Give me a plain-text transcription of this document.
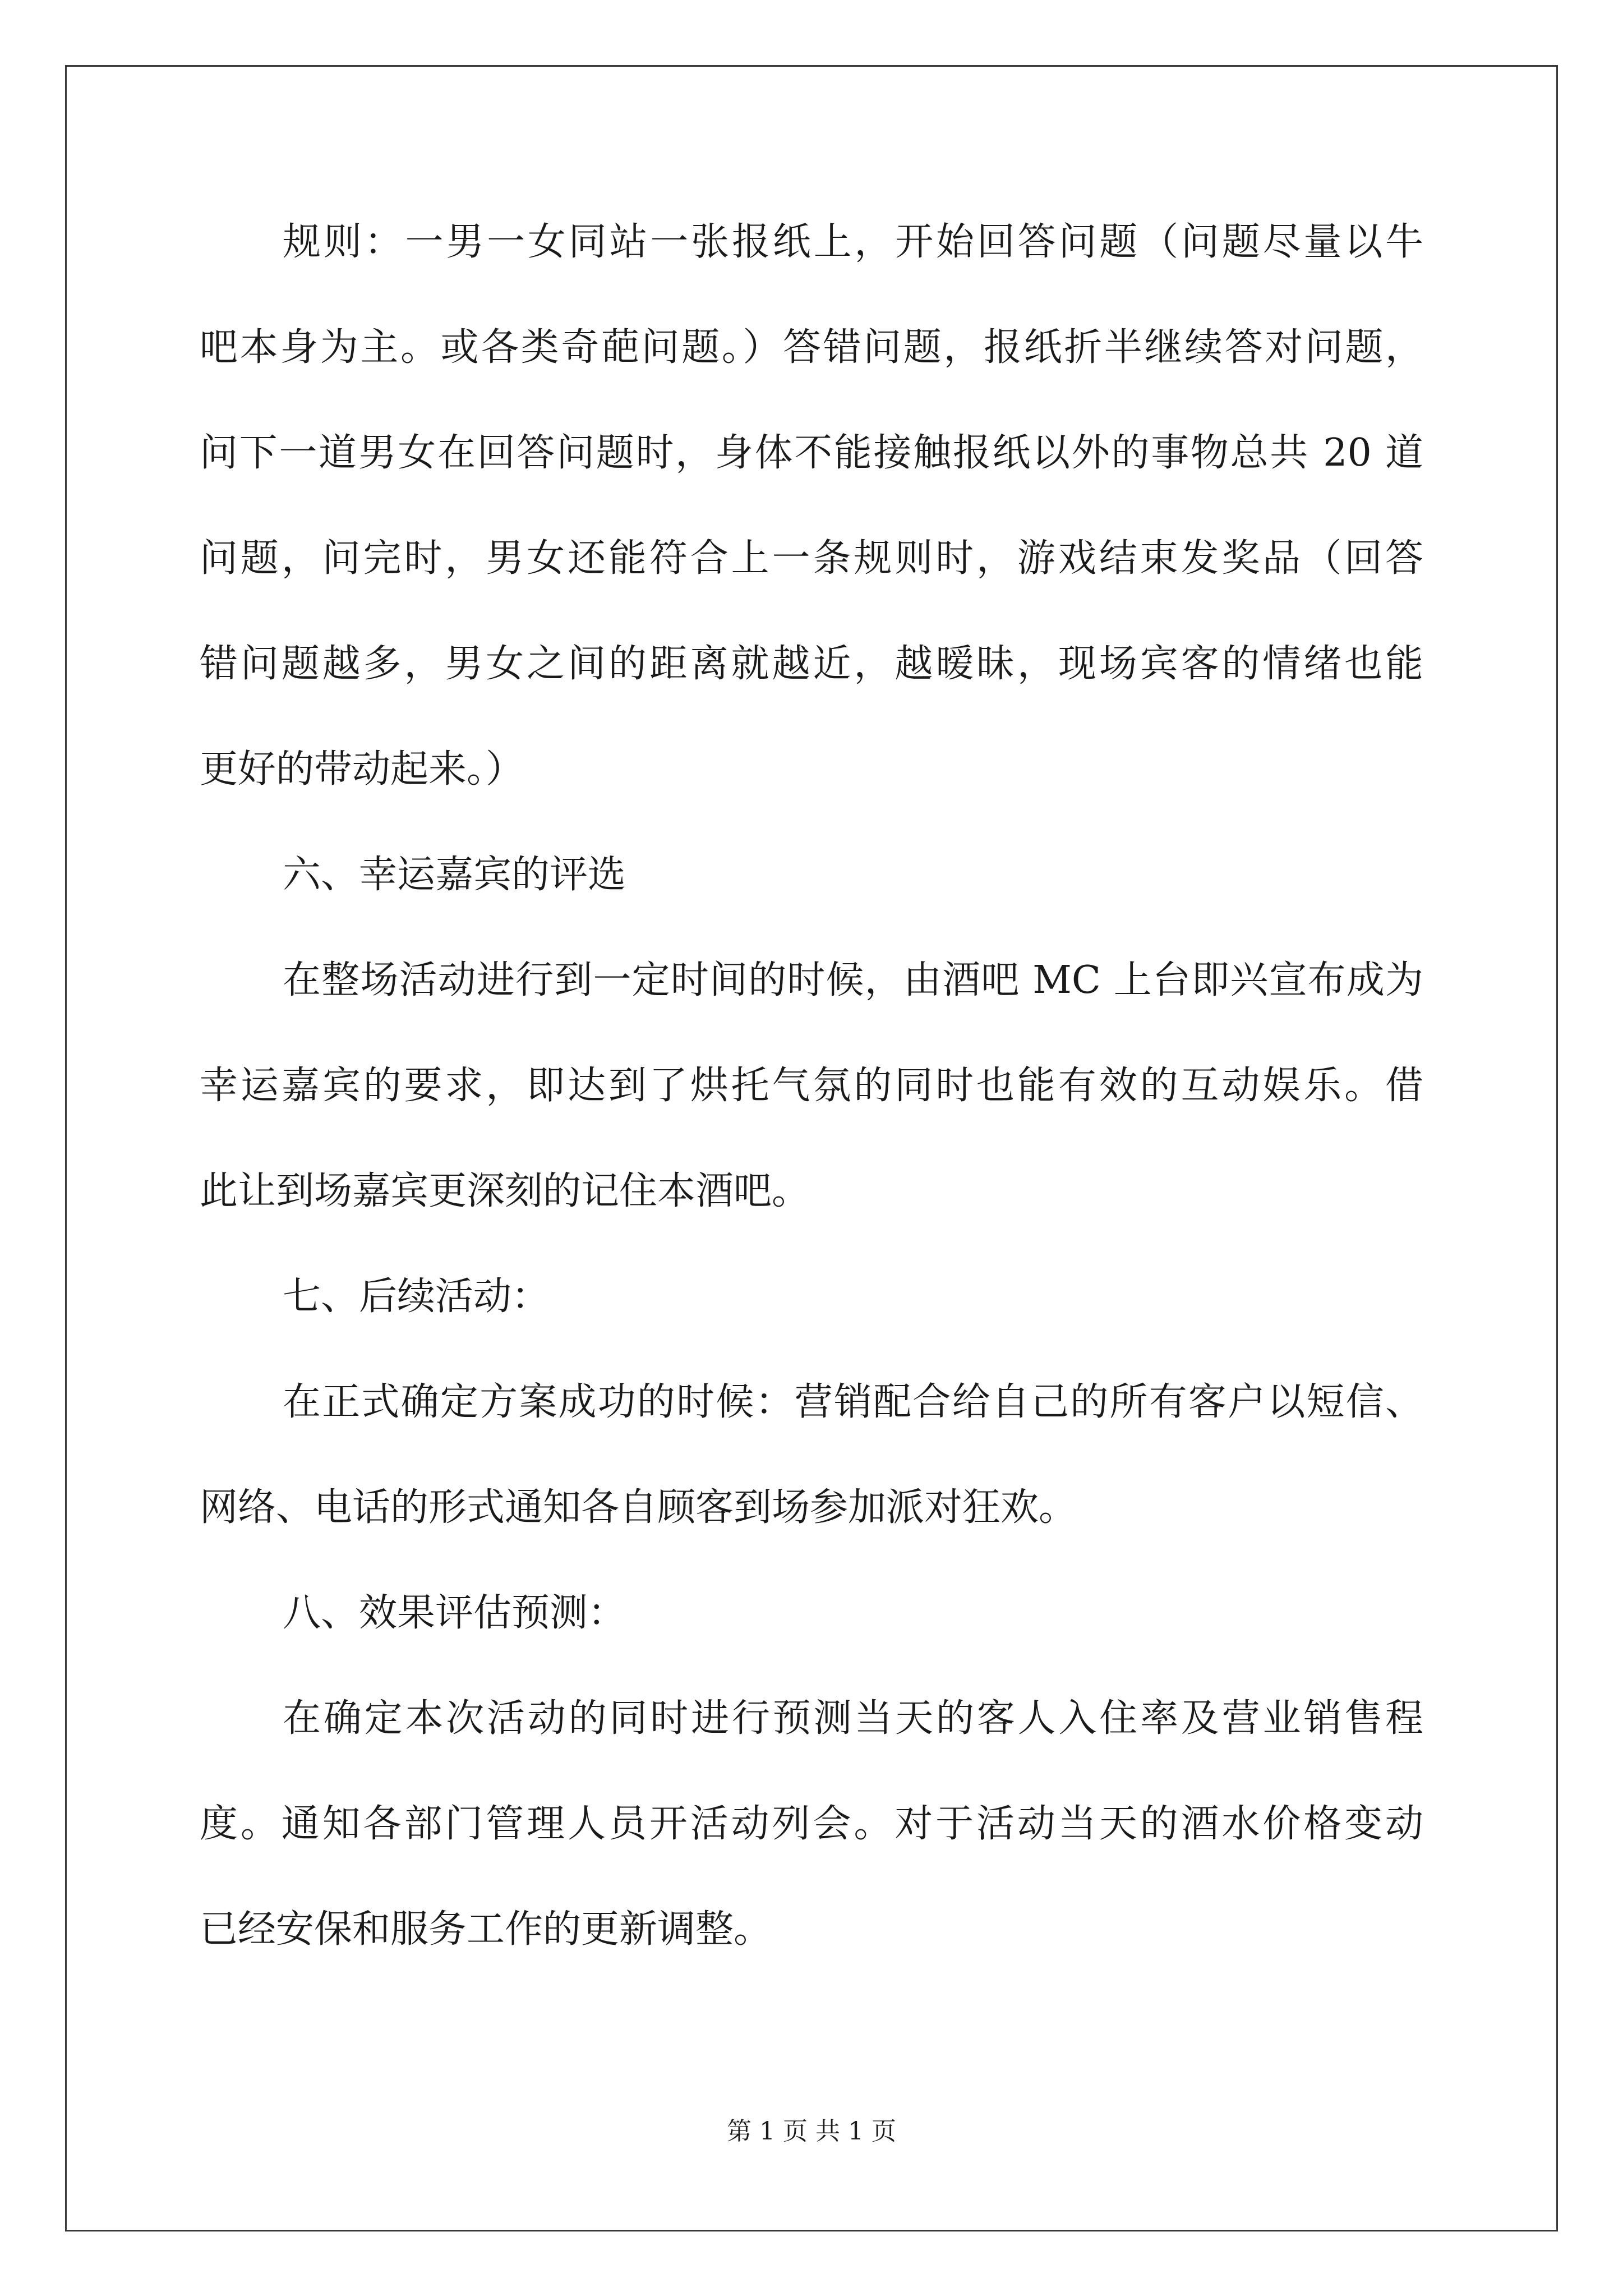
规则：一男一女同站一张报纸上，开始回答问题（问题尽量以牛
吧本身为主。或各类奇葩问题。）答错问题，报纸折半继续答对问题，
问下一道男女在回答问题时，身体不能接触报纸以外的事物总共 20 道
问题，问完时，男女还能符合上一条规则时，游戏结束发奖品（回答
错问题越多，男女之间的距离就越近，越暧昧，现场宾客的情绪也能
更好的带动起来。）
六、幸运嘉宾的评选
在整场活动进行到一定时间的时候，由酒吧 MC 上台即兴宣布成为
幸运嘉宾的要求，即达到了烘托气氛的同时也能有效的互动娱乐。借
此让到场嘉宾更深刻的记住本酒吧。
七、后续活动：
在正式确定方案成功的时候：营销配合给自己的所有客户以短信、
网络、电话的形式通知各自顾客到场参加派对狂欢。
八、效果评估预测：
在确定本次活动的同时进行预测当天的客人入住率及营业销售程
度。通知各部门管理人员开活动列会。对于活动当天的酒水价格变动
已经安保和服务工作的更新调整。
第 1 页 共 1 页
